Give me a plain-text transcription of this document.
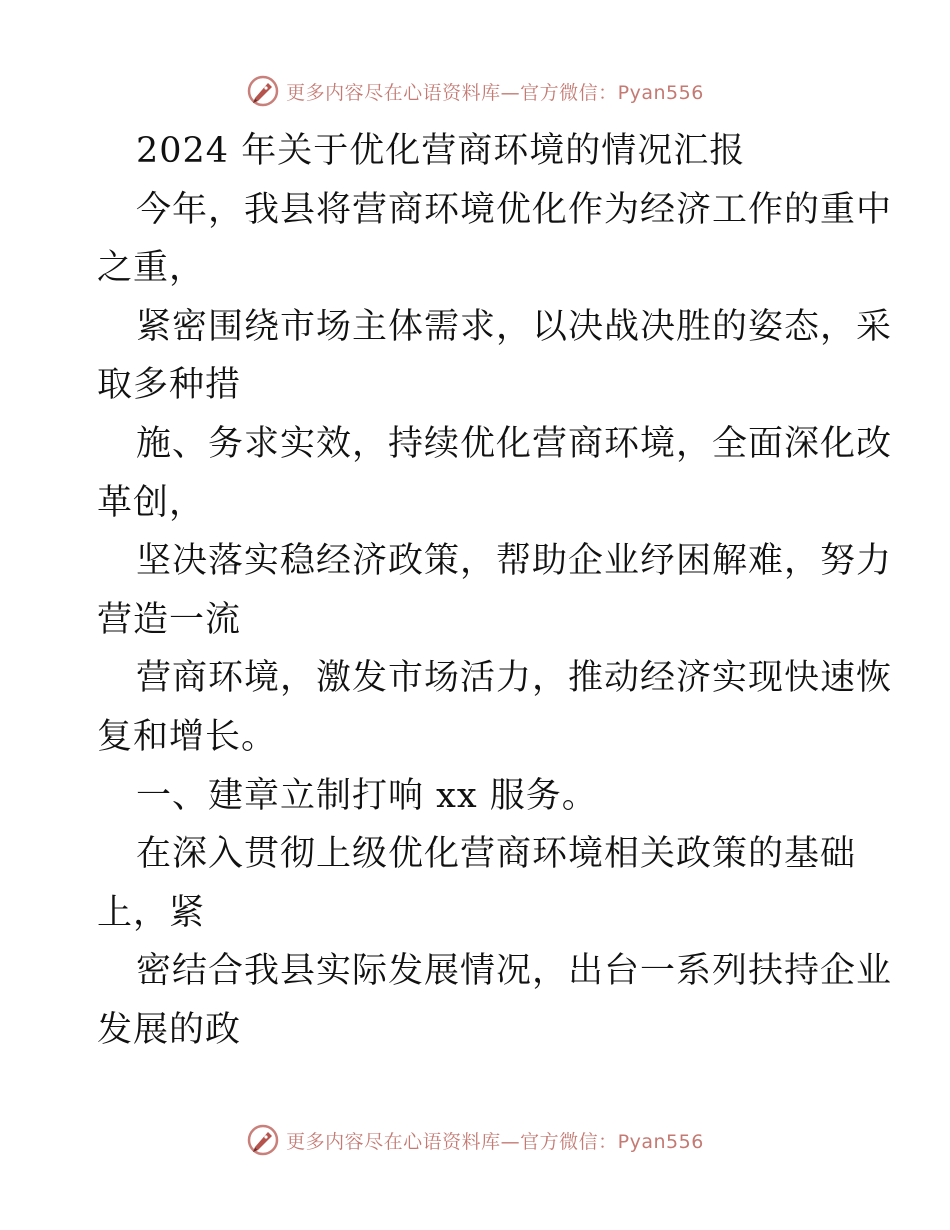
更多内容尽在心语资料库—官方微信：Pyan556
2024 年关于优化营商环境的情况汇报
今年，我县将营商环境优化作为经济工作的重中
之重，
紧密围绕市场主体需求，以决战决胜的姿态，采
取多种措
施、务求实效，持续优化营商环境，全面深化改
革创，
坚决落实稳经济政策，帮助企业纾困解难，努力
营造一流
营商环境，激发市场活力，推动经济实现快速恢
复和增长。
一、建章立制打响 xx 服务。
在深入贯彻上级优化营商环境相关政策的基础
上，紧
密结合我县实际发展情况，出台一系列扶持企业
发展的政
更多内容尽在心语资料库—官方微信：Pyan556
